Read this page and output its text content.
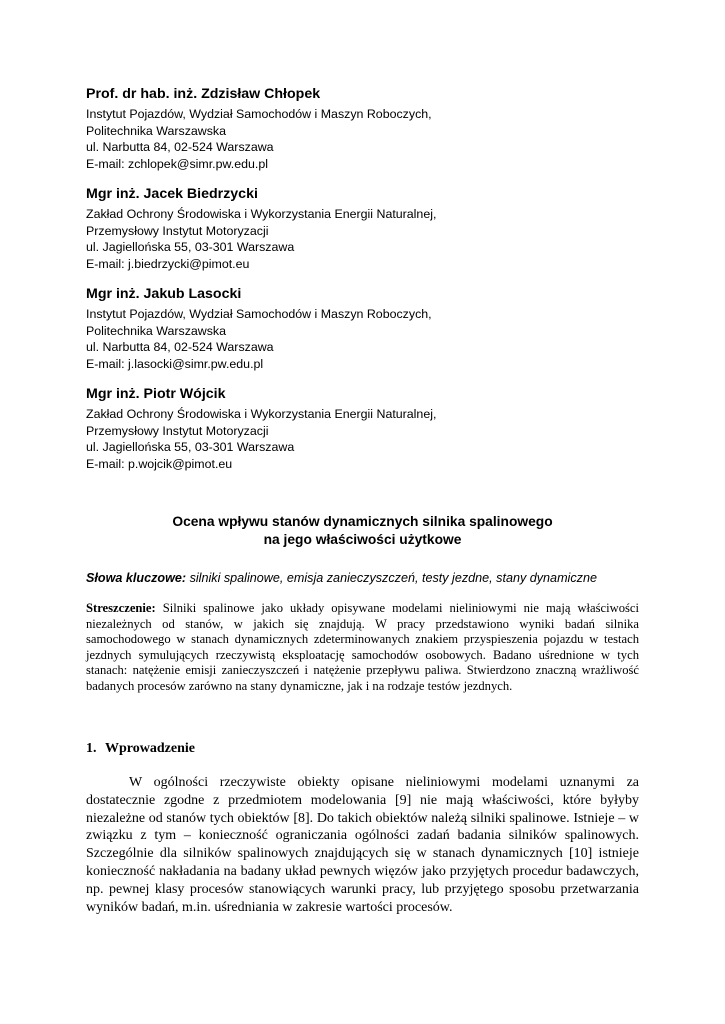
Prof. dr hab. inż. Zdzisław Chłopek

Instytut Pojazdów, Wydział Samochodów i Maszyn Roboczych,

Politechnika Warszawska

ul. Narbutta 84, 02-524 Warszawa

E-mail: zchlopek@simr.pw.edu.pl

Mgr inż. Jacek Biedrzycki

Zakład Ochrony Środowiska i Wykorzystania Energii Naturalnej,

Przemysłowy Instytut Motoryzacji

ul. Jagiellońska 55, 03-301 Warszawa

E-mail: j.biedrzycki@pimot.eu

Mgr inż. Jakub Lasocki

Instytut Pojazdów, Wydział Samochodów i Maszyn Roboczych,

Politechnika Warszawska

ul. Narbutta 84, 02-524 Warszawa

E-mail: j.lasocki@simr.pw.edu.pl

Mgr inż. Piotr Wójcik

Zakład Ochrony Środowiska i Wykorzystania Energii Naturalnej,

Przemysłowy Instytut Motoryzacji

ul. Jagiellońska 55, 03-301 Warszawa

E-mail: p.wojcik@pimot.eu

Ocena wpływu stanów dynamicznych silnika spalinowego

na jego właściwości użytkowe

Słowa kluczowe: silniki spalinowe, emisja zanieczyszczeń, testy jezdne, stany dynamiczne
Streszczenie: Silniki spalinowe jako układy opisywane modelami nieliniowymi nie mają właściwości niezależnych od stanów, w jakich się znajdują. W pracy przedstawiono wyniki badań silnika samochodowego w stanach dynamicznych zdeterminowanych znakiem przyspieszenia pojazdu w testach jezdnych symulujących rzeczywistą eksploatację samochodów osobowych. Badano uśrednione w tych stanach: natężenie emisji zanieczyszczeń i natężenie przepływu paliwa. Stwierdzono znaczną wrażliwość badanych procesów zarówno na stany dynamiczne, jak i na rodzaje testów jezdnych.
1. Wprowadzenie

W ogólności rzeczywiste obiekty opisane nieliniowymi modelami uznanymi za dostatecznie zgodne z przedmiotem modelowania [9] nie mają właściwości, które byłyby niezależne od stanów tych obiektów [8]. Do takich obiektów należą silniki spalinowe. Istnieje – w związku z tym – konieczność ograniczania ogólności zadań badania silników spalinowych. Szczególnie dla silników spalinowych znajdujących się w stanach dynamicznych [10] istnieje konieczność nakładania na badany układ pewnych więzów jako przyjętych procedur badawczych, np. pewnej klasy procesów stanowiących warunki pracy, lub przyjętego sposobu przetwarzania wyników badań, m.in. uśredniania w zakresie wartości procesów.
